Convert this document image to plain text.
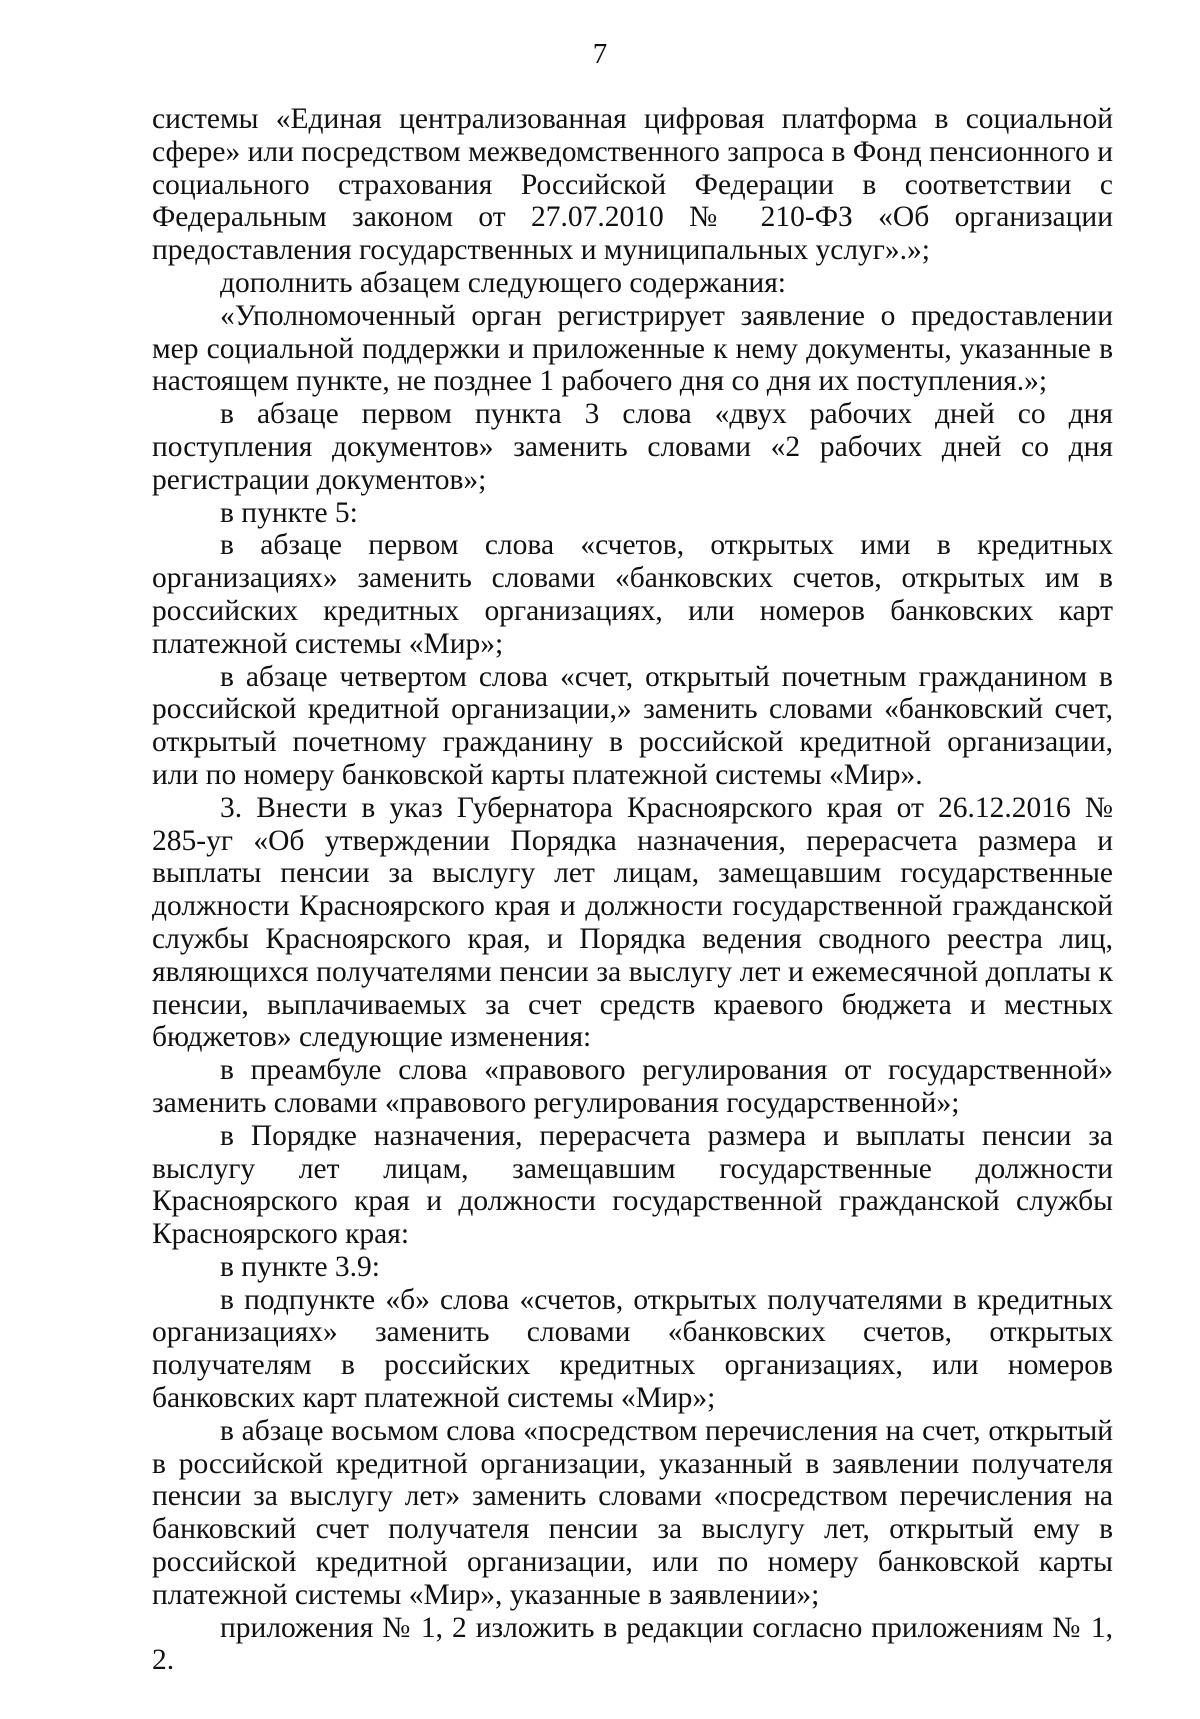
7

системы «Единая централизованная цифровая платформа в социальной сфере» или посредством межведомственного запроса в Фонд пенсионного и социального страхования Российской Федерации в соответствии с Федеральным законом от 27.07.2010 № 210-ФЗ «Об организации предоставления государственных и муниципальных услуг».»;

дополнить абзацем следующего содержания:

«Уполномоченный орган регистрирует заявление о предоставлении мер социальной поддержки и приложенные к нему документы, указанные в настоящем пункте, не позднее 1 рабочего дня со дня их поступления.»;

в абзаце первом пункта 3 слова «двух рабочих дней со дня поступления документов» заменить словами «2 рабочих дней со дня регистрации документов»;

в пункте 5:

в абзаце первом слова «счетов, открытых ими в кредитных организациях» заменить словами «банковских счетов, открытых им в российских кредитных организациях, или номеров банковских карт платежной системы «Мир»;

в абзаце четвертом слова «счет, открытый почетным гражданином в российской кредитной организации,» заменить словами «банковский счет, открытый почетному гражданину в российской кредитной организации, или по номеру банковской карты платежной системы «Мир».

3. Внести в указ Губернатора Красноярского края от 26.12.2016 № 285-уг «Об утверждении Порядка назначения, перерасчета размера и выплаты пенсии за выслугу лет лицам, замещавшим государственные должности Красноярского края и должности государственной гражданской службы Красноярского края, и Порядка ведения сводного реестра лиц, являющихся получателями пенсии за выслугу лет и ежемесячной доплаты к пенсии, выплачиваемых за счет средств краевого бюджета и местных бюджетов» следующие изменения:

в преамбуле слова «правового регулирования от государственной» заменить словами «правового регулирования государственной»;

в Порядке назначения, перерасчета размера и выплаты пенсии за выслугу лет лицам, замещавшим государственные должности Красноярского края и должности государственной гражданской службы Красноярского края:

в пункте 3.9:

в подпункте «б» слова «счетов, открытых получателями в кредитных организациях» заменить словами «банковских счетов, открытых получателям в российских кредитных организациях, или номеров банковских карт платежной системы «Мир»;

в абзаце восьмом слова «посредством перечисления на счет, открытый в российской кредитной организации, указанный в заявлении получателя пенсии за выслугу лет» заменить словами «посредством перечисления на банковский счет получателя пенсии за выслугу лет, открытый ему в российской кредитной организации, или по номеру банковской карты платежной системы «Мир», указанные в заявлении»;

приложения № 1, 2 изложить в редакции согласно приложениям № 1, 2.
